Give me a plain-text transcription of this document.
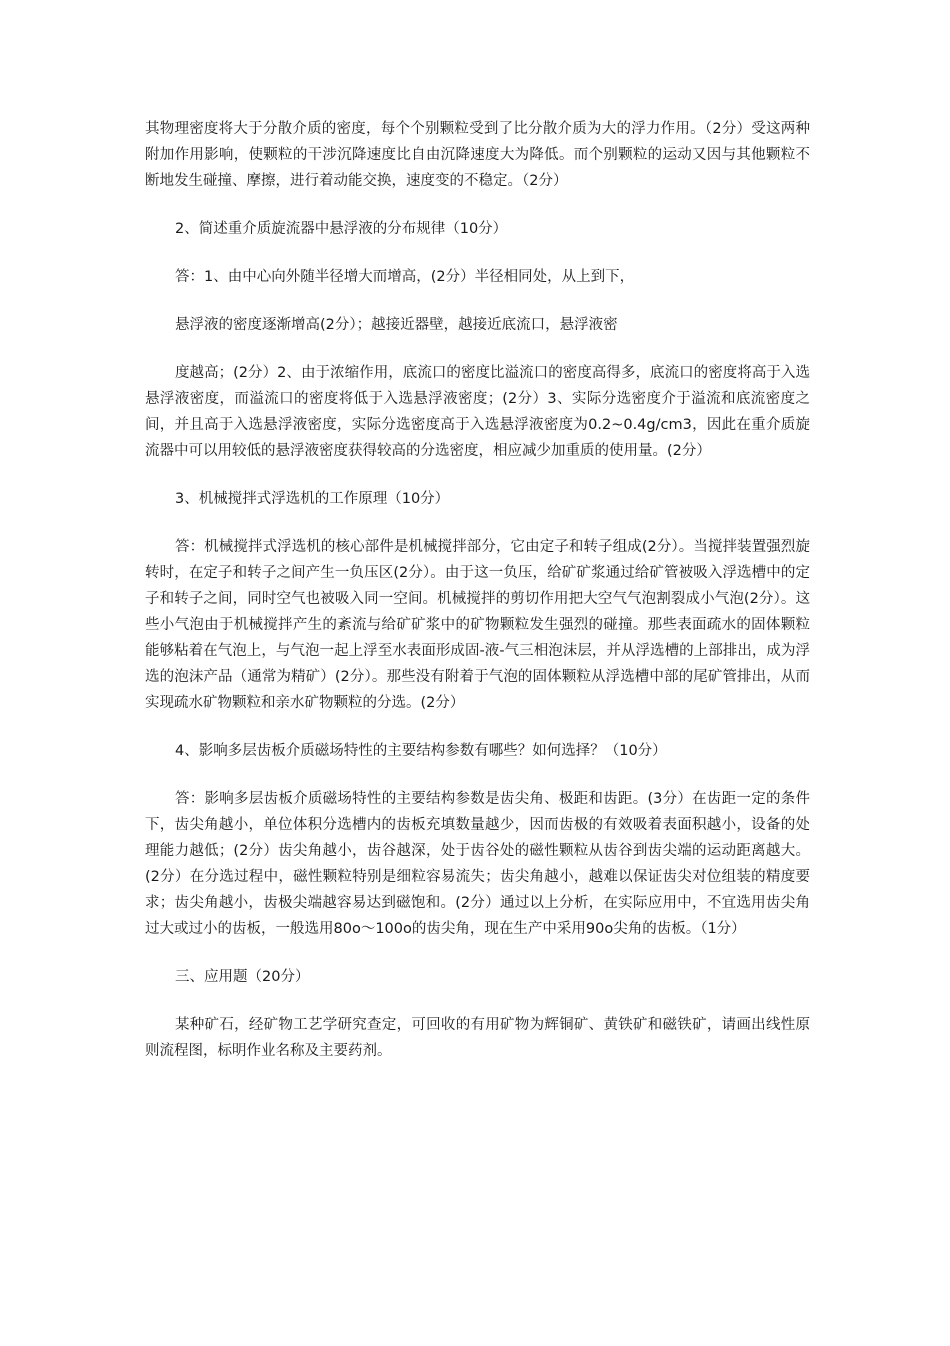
其物理密度将大于分散介质的密度，每个个别颗粒受到了比分散介质为大的浮力作用。（2分）受这两种附加作用影响，使颗粒的干涉沉降速度比自由沉降速度大为降低。而个别颗粒的运动又因与其他颗粒不断地发生碰撞、摩擦，进行着动能交换，速度变的不稳定。（2分）

2、简述重介质旋流器中悬浮液的分布规律（10分）

答：1、由中心向外随半径增大而增高，(2分）半径相同处，从上到下，

悬浮液的密度逐渐增高(2分）；越接近器壁，越接近底流口，悬浮液密

度越高；(2分）2、由于浓缩作用，底流口的密度比溢流口的密度高得多，底流口的密度将高于入选悬浮液密度，而溢流口的密度将低于入选悬浮液密度；(2分）3、实际分选密度介于溢流和底流密度之间，并且高于入选悬浮液密度，实际分选密度高于入选悬浮液密度为0.2~0.4g/cm3，因此在重介质旋流器中可以用较低的悬浮液密度获得较高的分选密度，相应减少加重质的使用量。(2分）

3、机械搅拌式浮选机的工作原理（10分）

答：机械搅拌式浮选机的核心部件是机械搅拌部分，它由定子和转子组成(2分）。当搅拌装置强烈旋转时，在定子和转子之间产生一负压区(2分）。由于这一负压，给矿矿浆通过给矿管被吸入浮选槽中的定子和转子之间，同时空气也被吸入同一空间。机械搅拌的剪切作用把大空气气泡割裂成小气泡(2分）。这些小气泡由于机械搅拌产生的紊流与给矿矿浆中的矿物颗粒发生强烈的碰撞。那些表面疏水的固体颗粒能够粘着在气泡上，与气泡一起上浮至水表面形成固-液-气三相泡沫层，并从浮选槽的上部排出，成为浮选的泡沫产品（通常为精矿）(2分）。那些没有附着于气泡的固体颗粒从浮选槽中部的尾矿管排出，从而实现疏水矿物颗粒和亲水矿物颗粒的分选。(2分）

4、影响多层齿板介质磁场特性的主要结构参数有哪些？如何选择？（10分）

答：影响多层齿板介质磁场特性的主要结构参数是齿尖角、极距和齿距。(3分）在齿距一定的条件下，齿尖角越小，单位体积分选槽内的齿板充填数量越少，因而齿极的有效吸着表面积越小，设备的处理能力越低；(2分）齿尖角越小，齿谷越深，处于齿谷处的磁性颗粒从齿谷到齿尖端的运动距离越大。(2分）在分选过程中，磁性颗粒特别是细粒容易流失；齿尖角越小，越难以保证齿尖对位组装的精度要求；齿尖角越小，齿极尖端越容易达到磁饱和。(2分）通过以上分析，在实际应用中，不宜选用齿尖角过大或过小的齿板，一般选用80o～100o的齿尖角，现在生产中采用90o尖角的齿板。（1分）

三、应用题（20分）

某种矿石，经矿物工艺学研究查定，可回收的有用矿物为辉铜矿、黄铁矿和磁铁矿，请画出线性原则流程图，标明作业名称及主要药剂。
